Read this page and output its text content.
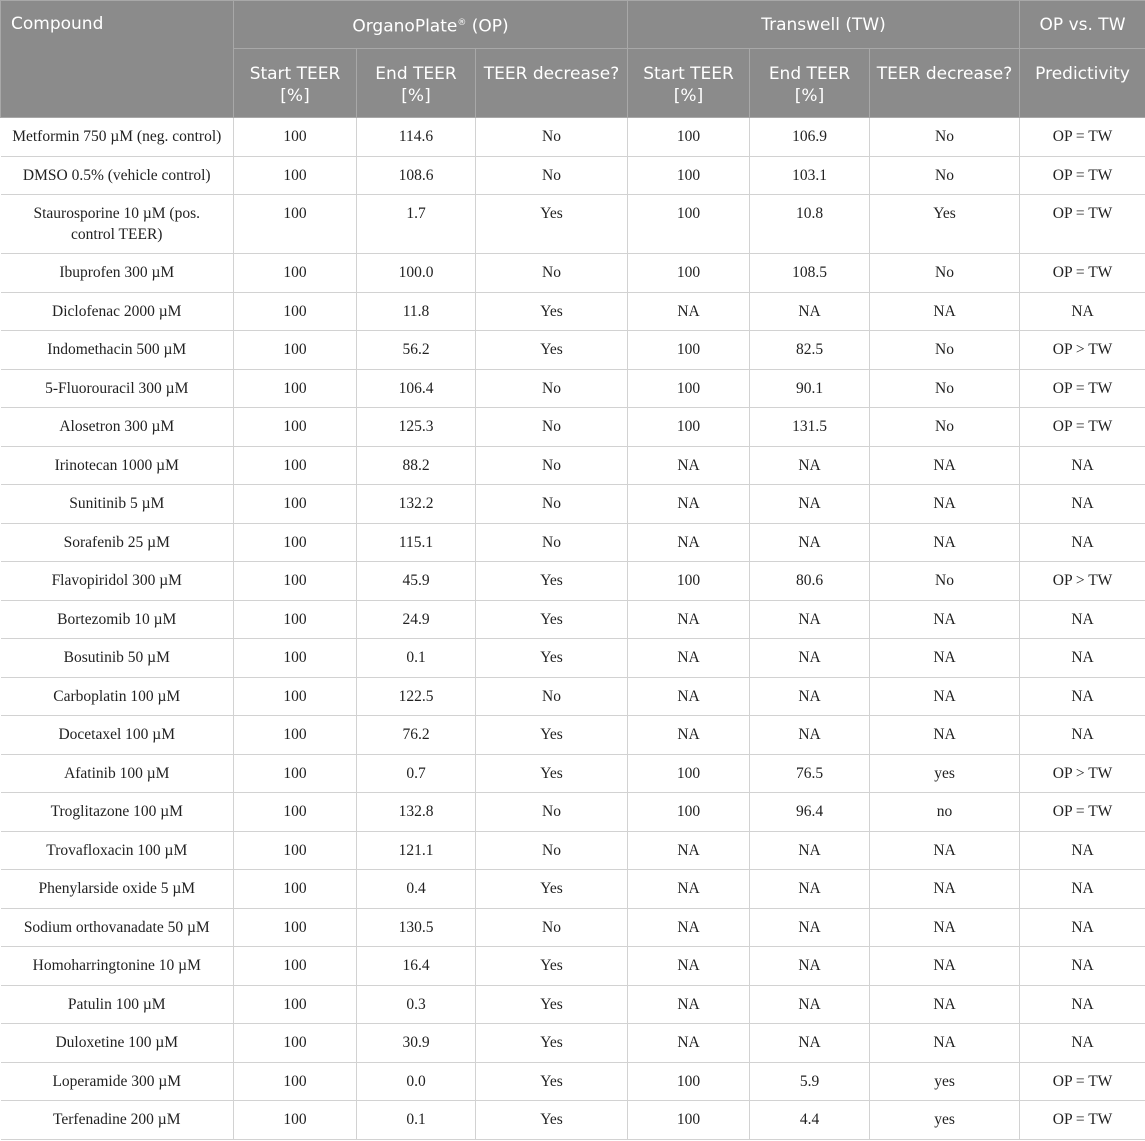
Compound	OrganoPlate® (OP)			Transwell (TW)			OP vs. TW
	Start TEER [%]	End TEER [%]	TEER decrease?	Start TEER [%]	End TEER [%]	TEER decrease?	Predictivity
Metformin 750 µM (neg. control)	100	114.6	No	100	106.9	No	OP = TW
DMSO 0.5% (vehicle control)	100	108.6	No	100	103.1	No	OP = TW
Staurosporine 10 µM (pos. control TEER)	100	1.7	Yes	100	10.8	Yes	OP = TW
Ibuprofen 300 µM	100	100.0	No	100	108.5	No	OP = TW
Diclofenac 2000 µM	100	11.8	Yes	NA	NA	NA	NA
Indomethacin 500 µM	100	56.2	Yes	100	82.5	No	OP > TW
5-Fluorouracil 300 µM	100	106.4	No	100	90.1	No	OP = TW
Alosetron 300 µM	100	125.3	No	100	131.5	No	OP = TW
Irinotecan 1000 µM	100	88.2	No	NA	NA	NA	NA
Sunitinib 5 µM	100	132.2	No	NA	NA	NA	NA
Sorafenib 25 µM	100	115.1	No	NA	NA	NA	NA
Flavopiridol 300 µM	100	45.9	Yes	100	80.6	No	OP > TW
Bortezomib 10 µM	100	24.9	Yes	NA	NA	NA	NA
Bosutinib 50 µM	100	0.1	Yes	NA	NA	NA	NA
Carboplatin 100 µM	100	122.5	No	NA	NA	NA	NA
Docetaxel 100 µM	100	76.2	Yes	NA	NA	NA	NA
Afatinib 100 µM	100	0.7	Yes	100	76.5	yes	OP > TW
Troglitazone 100 µM	100	132.8	No	100	96.4	no	OP = TW
Trovafloxacin 100 µM	100	121.1	No	NA	NA	NA	NA
Phenylarside oxide 5 µM	100	0.4	Yes	NA	NA	NA	NA
Sodium orthovanadate 50 µM	100	130.5	No	NA	NA	NA	NA
Homoharringtonine 10 µM	100	16.4	Yes	NA	NA	NA	NA
Patulin 100 µM	100	0.3	Yes	NA	NA	NA	NA
Duloxetine 100 µM	100	30.9	Yes	NA	NA	NA	NA
Loperamide 300 µM	100	0.0	Yes	100	5.9	yes	OP = TW
Terfenadine 200 µM	100	0.1	Yes	100	4.4	yes	OP = TW
